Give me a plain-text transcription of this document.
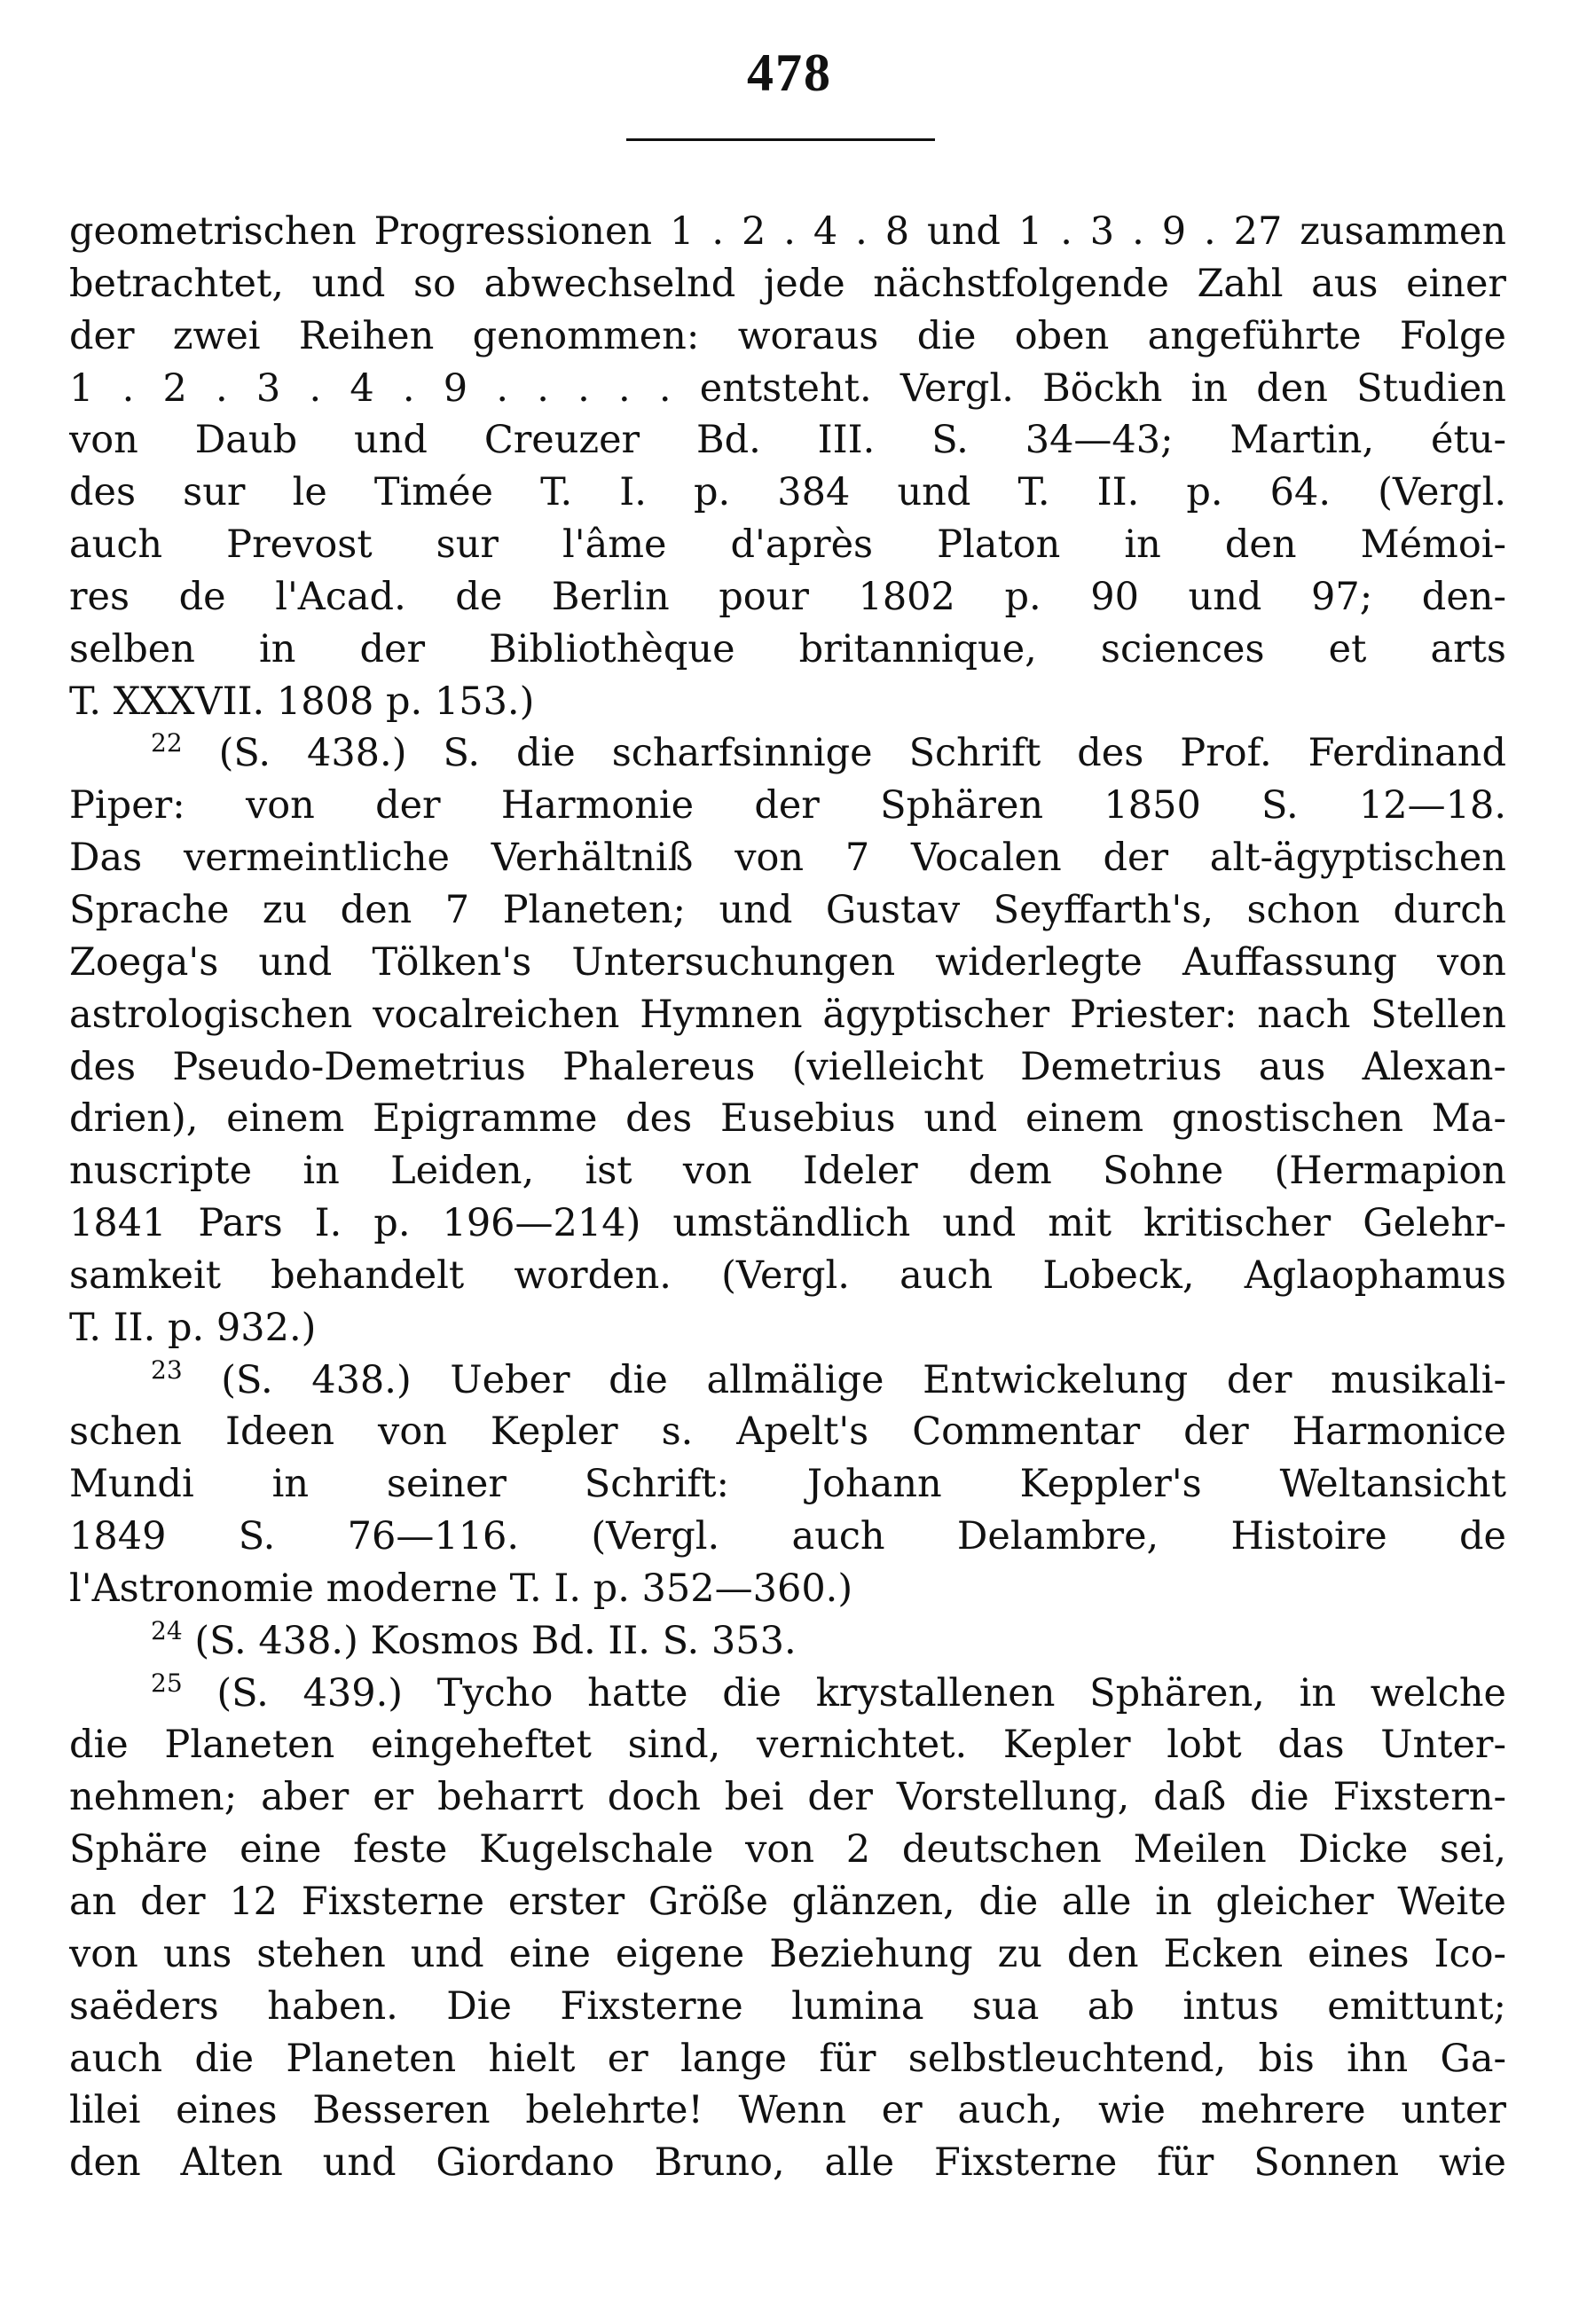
478
geometrischen Progressionen 1 . 2 . 4 . 8 und 1 . 3 . 9 . 27 zusammen
betrachtet, und so abwechselnd jede nächstfolgende Zahl aus einer
der zwei Reihen genommen: woraus die oben angeführte Folge
1 . 2 . 3 . 4 . 9 . . . . . entsteht. Vergl. Böckh in den Studien
von Daub und Creuzer Bd. III. S. 34—43; Martin, étu-
des sur le Timée T. I. p. 384 und T. II. p. 64. (Vergl.
auch Prevost sur l'âme d'après Platon in den Mémoi-
res de l'Acad. de Berlin pour 1802 p. 90 und 97; den-
selben in der Bibliothèque britannique, sciences et arts
T. XXXVII. 1808 p. 153.)
$^{22}$ (S. 438.) S. die scharfsinnige Schrift des Prof. Ferdinand
Piper: von der Harmonie der Sphären 1850 S. 12—18.
Das vermeintliche Verhältniß von 7 Vocalen der alt-ägyptischen
Sprache zu den 7 Planeten; und Gustav Seyffarth's, schon durch
Zoega's und Tölken's Untersuchungen widerlegte Auffassung von
astrologischen vocalreichen Hymnen ägyptischer Priester: nach Stellen
des Pseudo-Demetrius Phalereus (vielleicht Demetrius aus Alexan-
drien), einem Epigramme des Eusebius und einem gnostischen Ma-
nuscripte in Leiden, ist von Ideler dem Sohne (Hermapion
1841 Pars I. p. 196—214) umständlich und mit kritischer Gelehr-
samkeit behandelt worden. (Vergl. auch Lobeck, Aglaophamus
T. II. p. 932.)
$^{23}$ (S. 438.) Ueber die allmälige Entwickelung der musikali-
schen Ideen von Kepler s. Apelt's Commentar der Harmonice
Mundi in seiner Schrift: Johann Keppler's Weltansicht
1849 S. 76—116. (Vergl. auch Delambre, Histoire de
l'Astronomie moderne T. I. p. 352—360.)
$^{24}$ (S. 438.) Kosmos Bd. II. S. 353.
$^{25}$ (S. 439.) Tycho hatte die krystallenen Sphären, in welche
die Planeten eingeheftet sind, vernichtet. Kepler lobt das Unter-
nehmen; aber er beharrt doch bei der Vorstellung, daß die Fixstern-
Sphäre eine feste Kugelschale von 2 deutschen Meilen Dicke sei,
an der 12 Fixsterne erster Größe glänzen, die alle in gleicher Weite
von uns stehen und eine eigene Beziehung zu den Ecken eines Ico-
saëders haben. Die Fixsterne lumina sua ab intus emittunt;
auch die Planeten hielt er lange für selbstleuchtend, bis ihn Ga-
lilei eines Besseren belehrte! Wenn er auch, wie mehrere unter
den Alten und Giordano Bruno, alle Fixsterne für Sonnen wie
